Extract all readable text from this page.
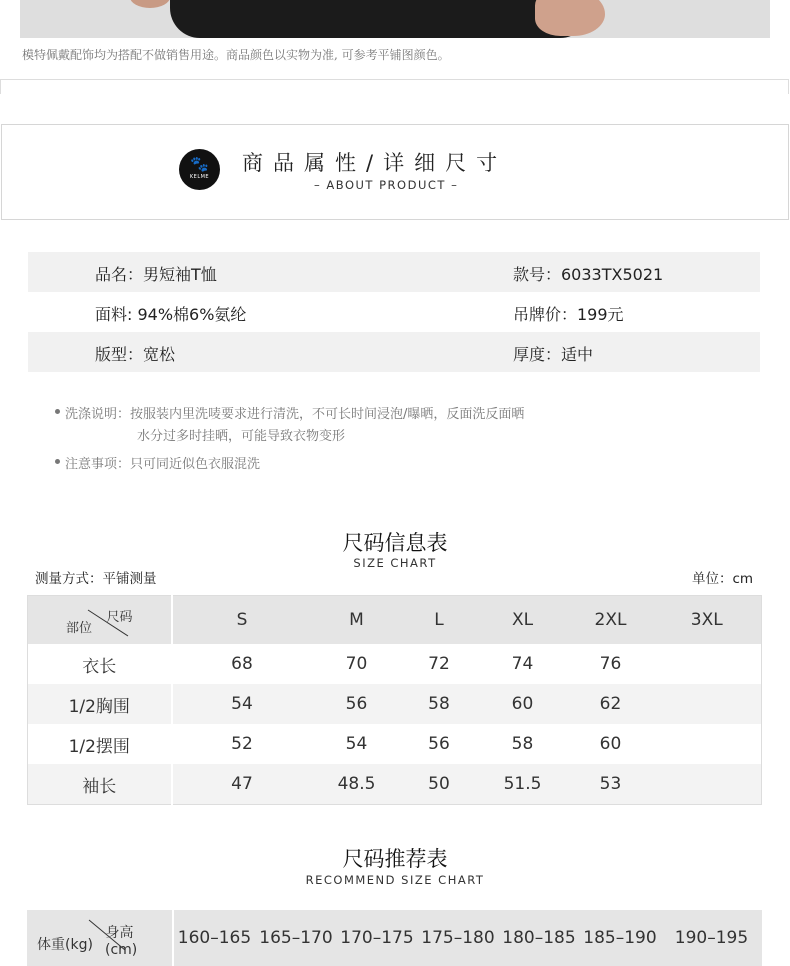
模特佩戴配饰均为搭配不做销售用途。商品颜色以实物为准, 可参考平铺图颜色。
🐾
KELME
商品属性/详细尺寸
– ABOUT PRODUCT –
品名：男短袖T恤	款号：6033TX5021
面料: 94%棉6%氨纶	吊牌价：199元
版型：宽松	厚度：适中
洗涤说明：按服装内里洗唛要求进行清洗，不可长时间浸泡/曝晒，反面洗反面晒
水分过多时挂晒，可能导致衣物变形
注意事项：只可同近似色衣服混洗
尺码信息表
SIZE CHART
测量方式：平铺测量	单位：cm
尺码
部位	S	M	L	XL	2XL	3XL
衣长	68	70	72	74	76	
1/2胸围	54	56	58	60	62	
1/2摆围	52	54	56	58	60	
袖长	47	48.5	50	51.5	53	
尺码推荐表
RECOMMEND SIZE CHART
身高(cm)
体重(kg)	160–165	165–170	170–175	175–180	180–185	185–190	190–195
